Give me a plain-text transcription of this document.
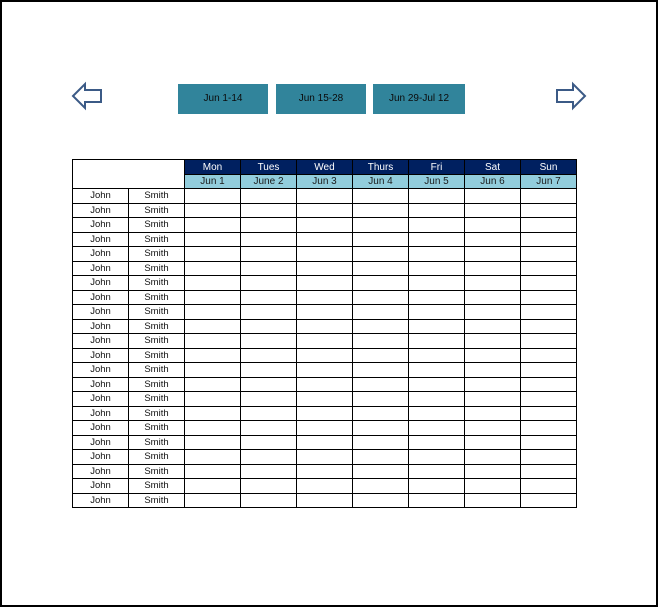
Jun 1-14	Jun 15-28	Jun 29-Jul 12
		Mon	Tues	Wed	Thurs	Fri	Sat	Sun
		Jun 1	June 2	Jun 3	Jun 4	Jun 5	Jun 6	Jun 7
John	Smith							
John	Smith							
John	Smith							
John	Smith							
John	Smith							
John	Smith							
John	Smith							
John	Smith							
John	Smith							
John	Smith							
John	Smith							
John	Smith							
John	Smith							
John	Smith							
John	Smith							
John	Smith							
John	Smith							
John	Smith							
John	Smith							
John	Smith							
John	Smith							
John	Smith							
